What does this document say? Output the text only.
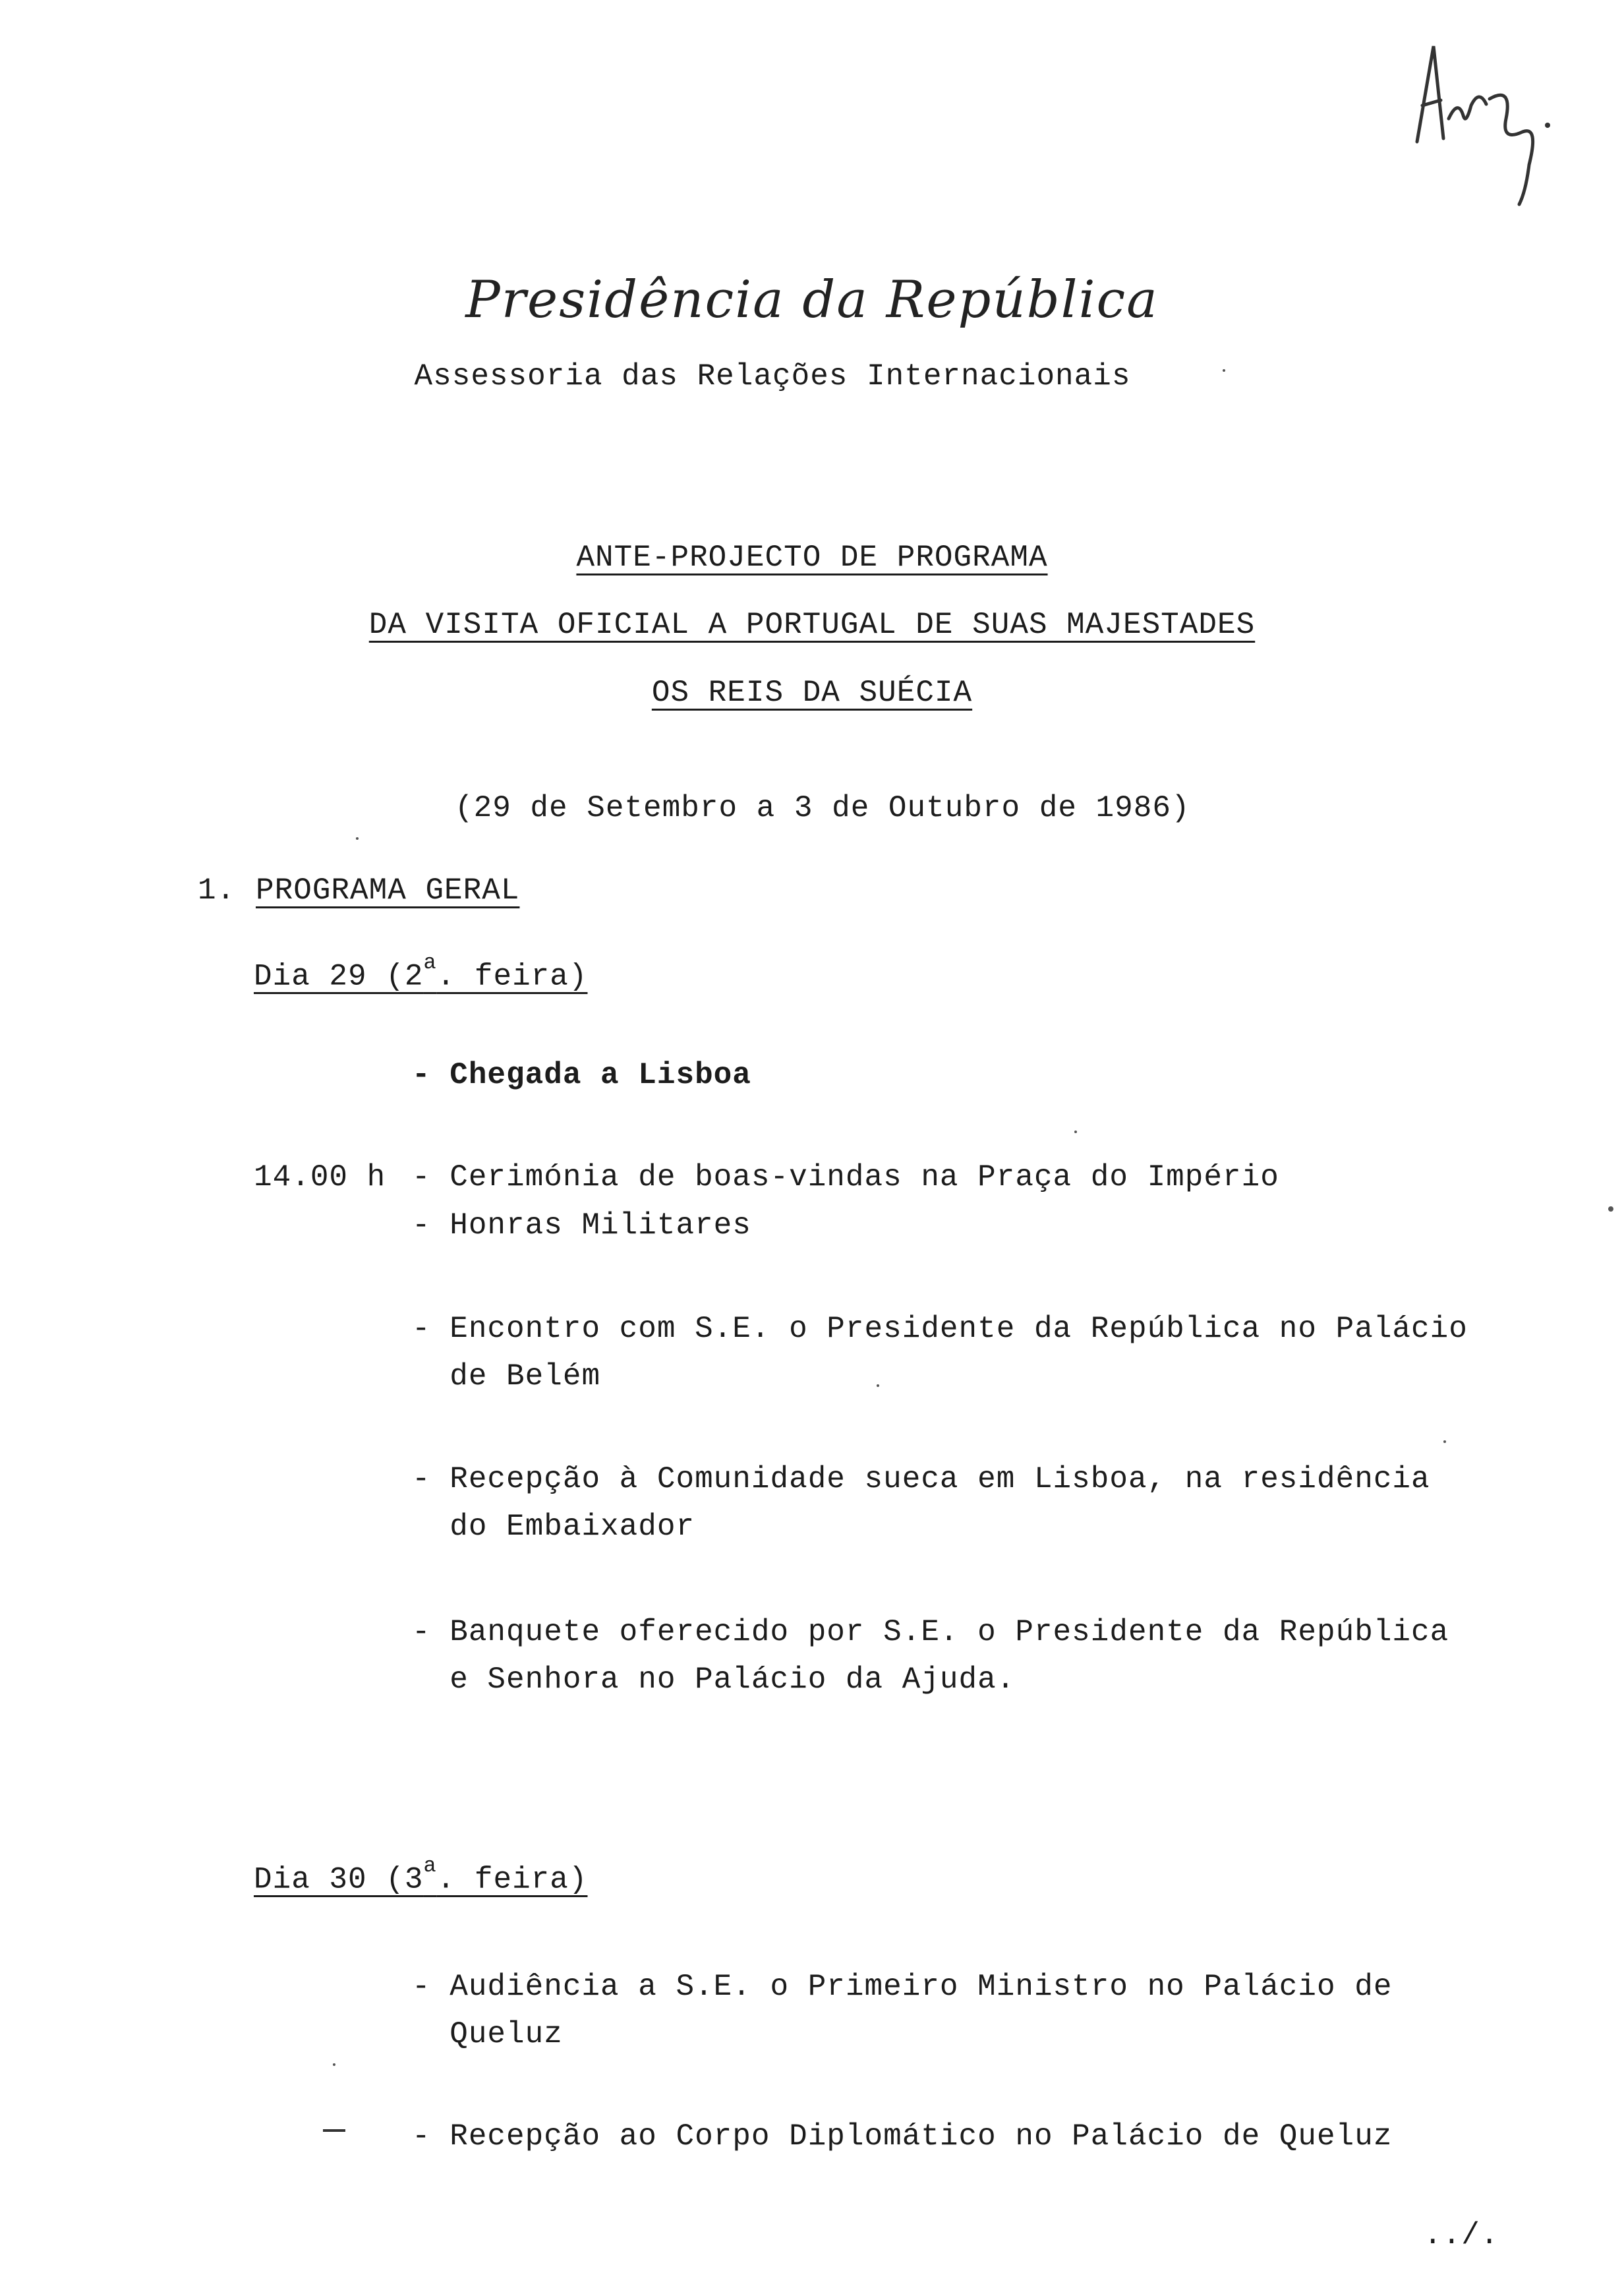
Presidência da República
Assessoria das Relações Internacionais
ANTE-PROJECTO DE PROGRAMA
DA VISITA OFICIAL A PORTUGAL DE SUAS MAJESTADES
OS REIS DA SUÉCIA
(29 de Setembro a 3 de Outubro de 1986)
1. PROGRAMA GERAL
Dia 29 (2$^a$. feira)
- Chegada a Lisboa
14.00 h - Cerimónia de boas-vindas na Praça do Império
- Honras Militares
- Encontro com S.E. o Presidente da República no Palácio
de Belém
- Recepção à Comunidade sueca em Lisboa, na residência
do Embaixador
- Banquete oferecido por S.E. o Presidente da República
e Senhora no Palácio da Ajuda.
Dia 30 (3$^a$. feira)
- Audiência a S.E. o Primeiro Ministro no Palácio de
Queluz
- Recepção ao Corpo Diplomático no Palácio de Queluz
../.
